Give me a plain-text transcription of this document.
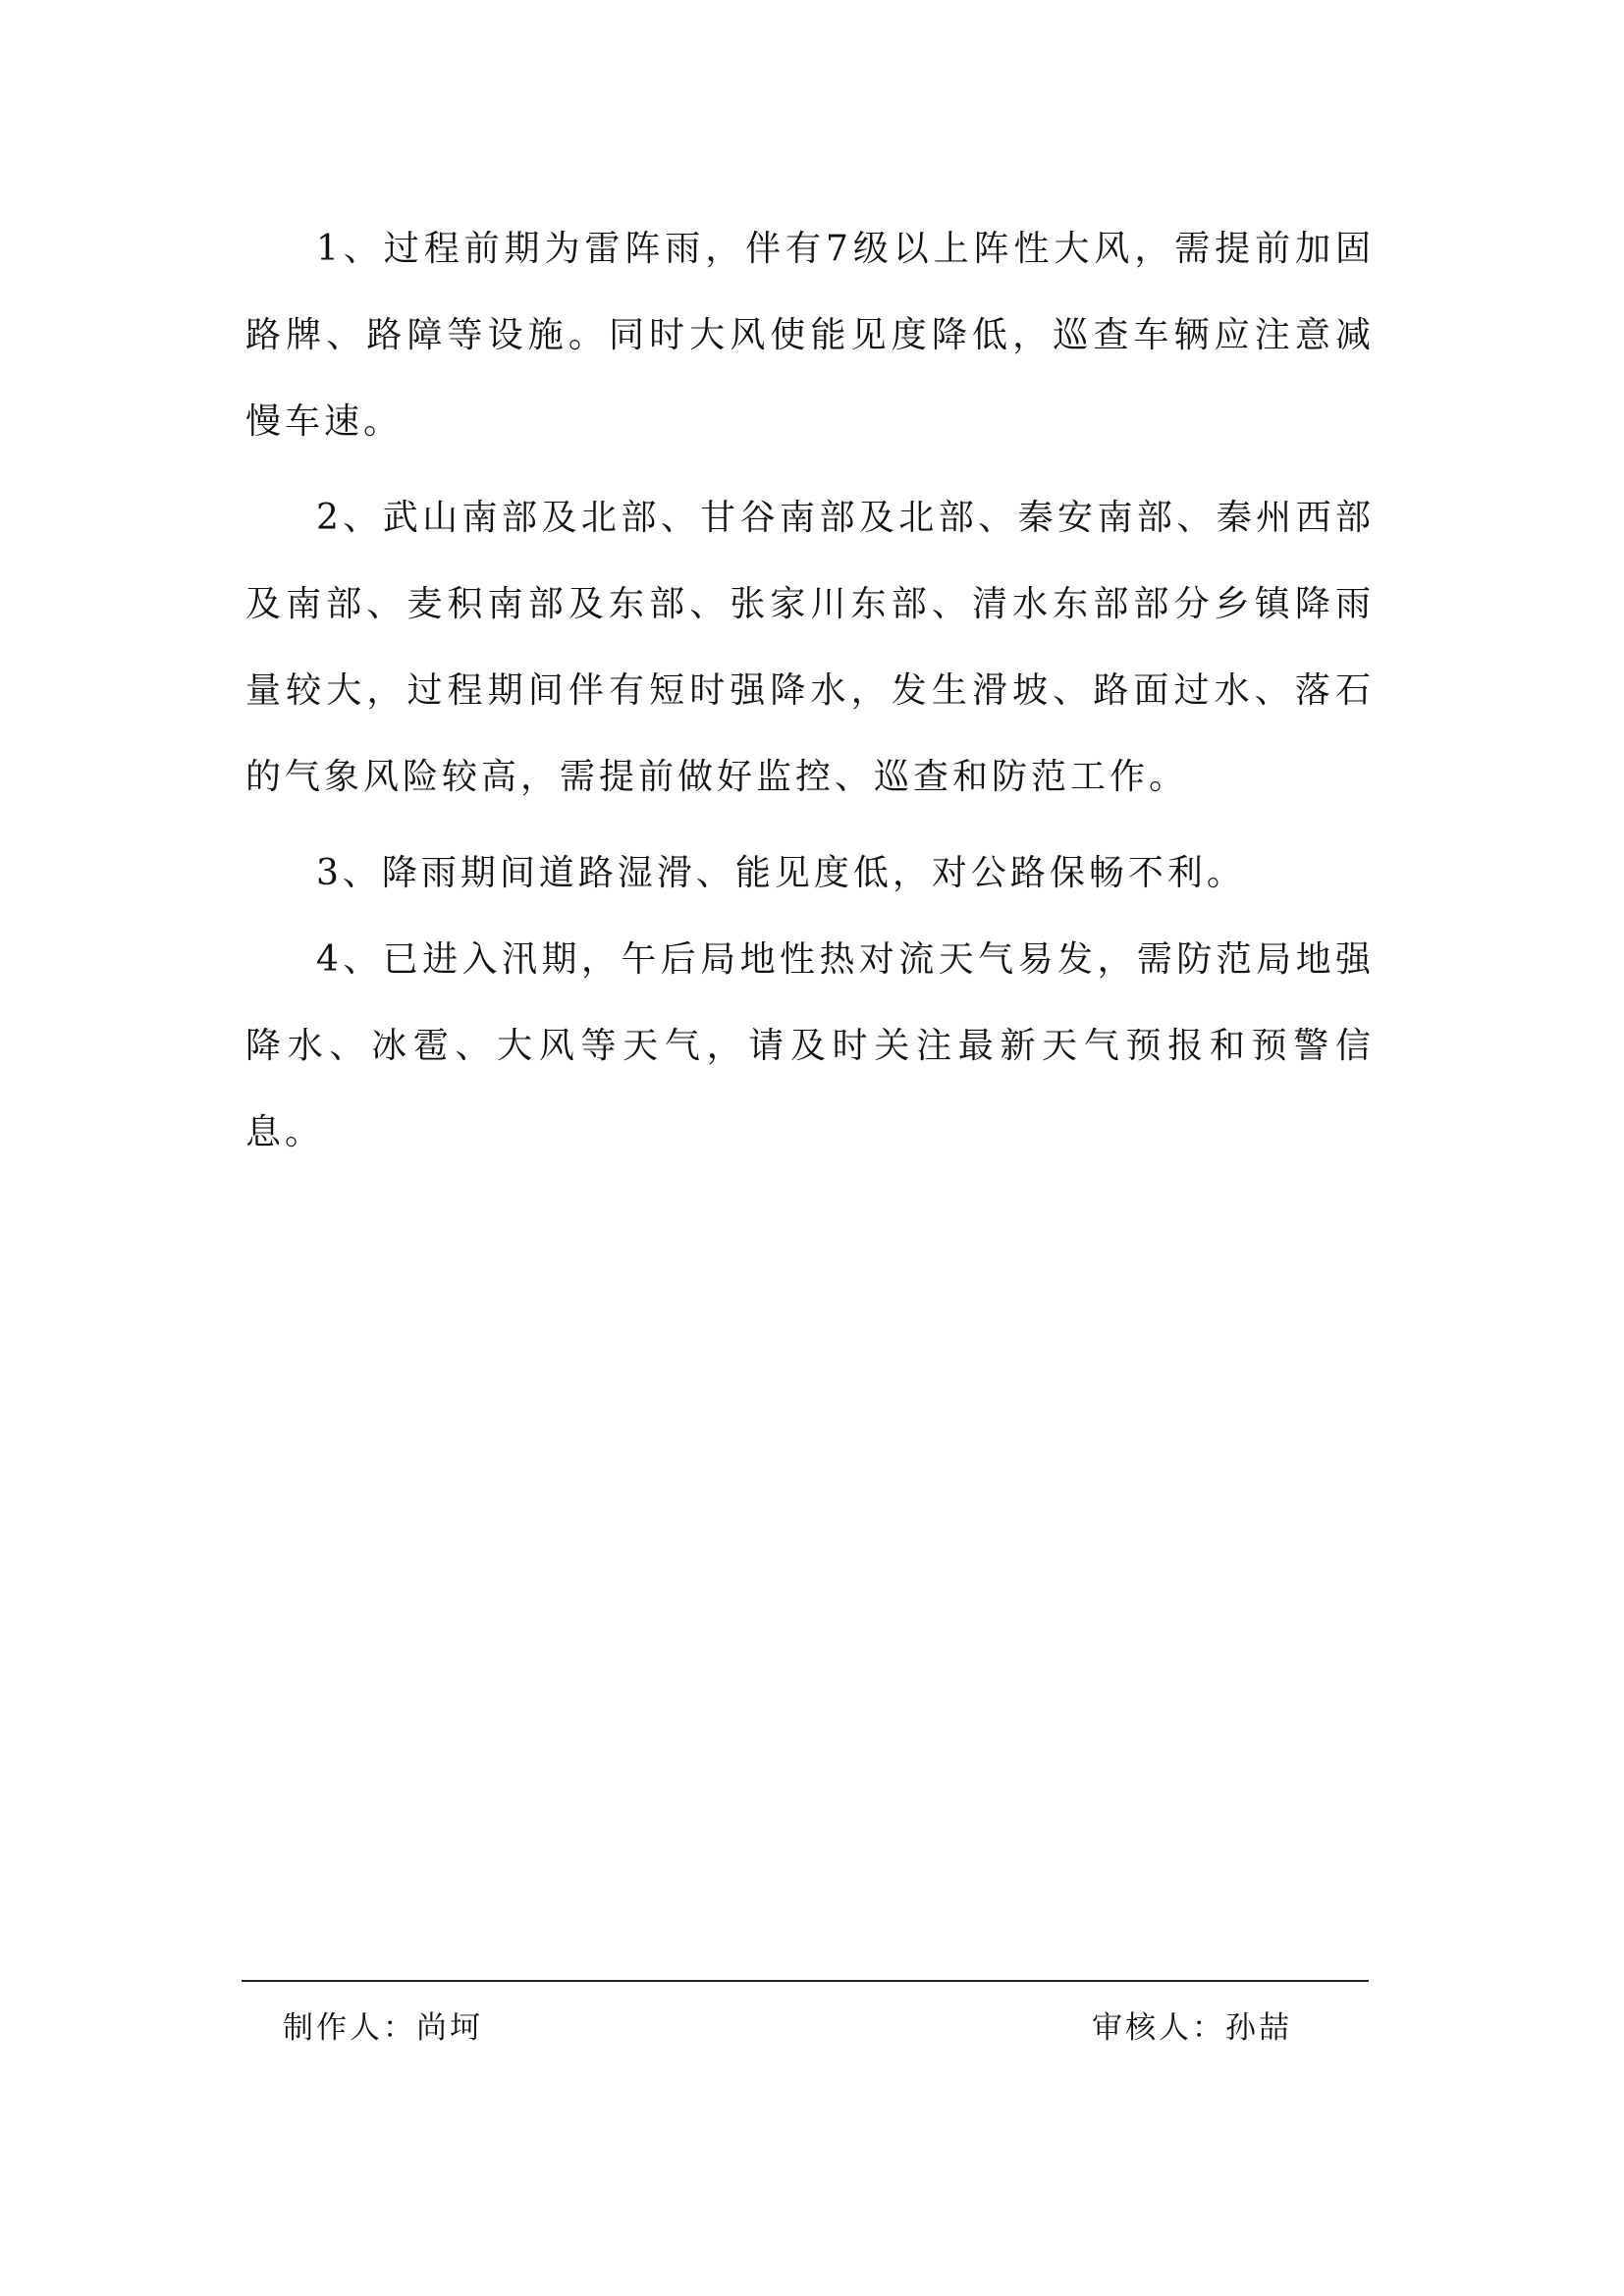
1、过程前期为雷阵雨，伴有7级以上阵性大风，需提前加固路牌、路障等设施。同时大风使能见度降低，巡查车辆应注意减慢车速。

2、武山南部及北部、甘谷南部及北部、秦安南部、秦州西部及南部、麦积南部及东部、张家川东部、清水东部部分乡镇降雨量较大，过程期间伴有短时强降水，发生滑坡、路面过水、落石的气象风险较高，需提前做好监控、巡查和防范工作。

3、降雨期间道路湿滑、能见度低，对公路保畅不利。

4、已进入汛期，午后局地性热对流天气易发，需防范局地强降水、冰雹、大风等天气，请及时关注最新天气预报和预警信息。

制作人：尚坷	审核人：孙喆
